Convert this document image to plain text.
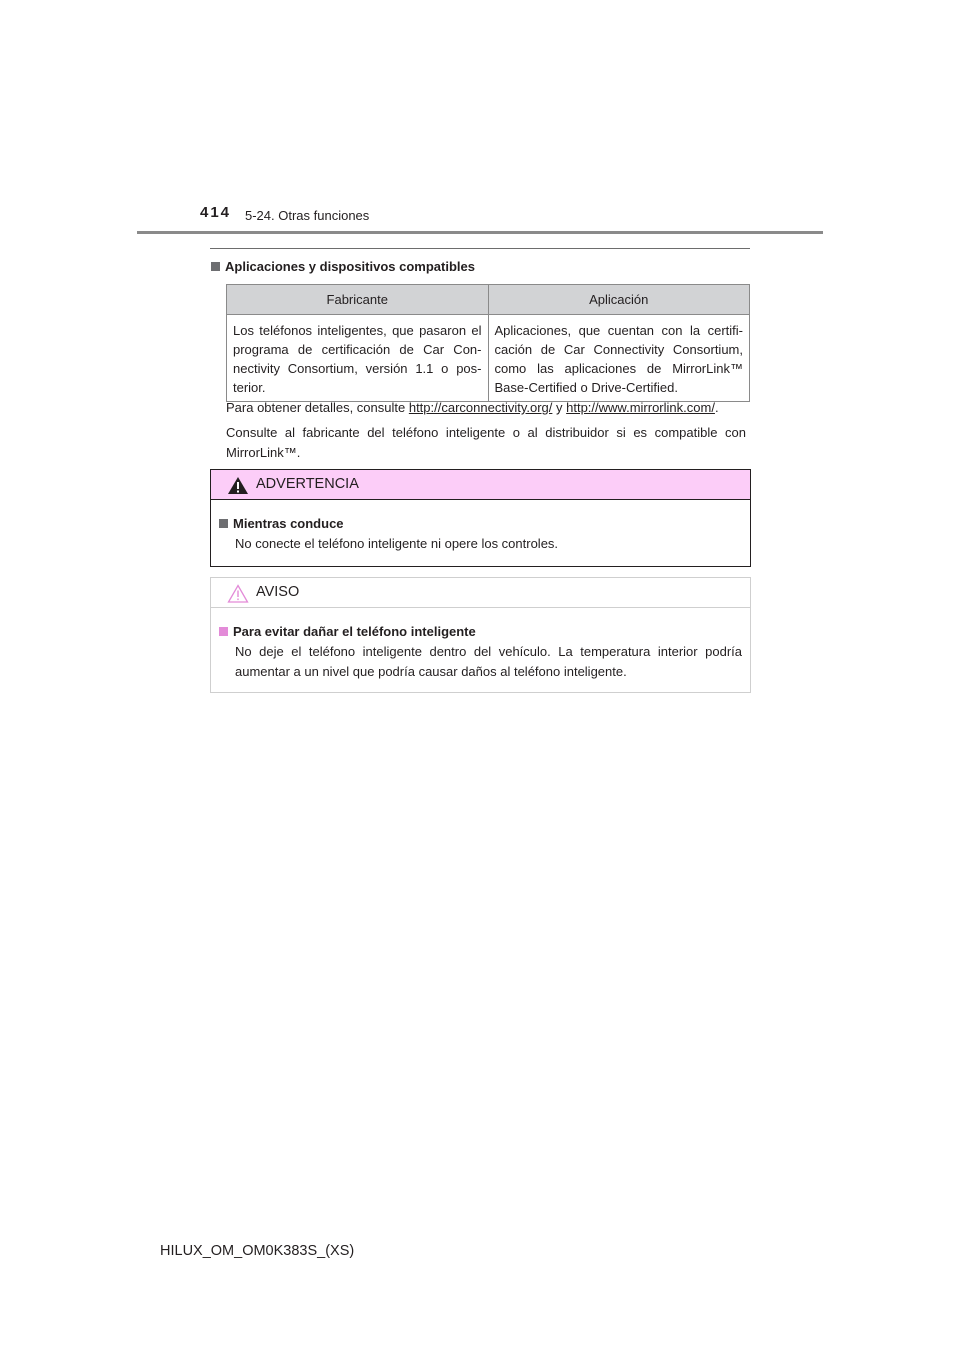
414 5-24. Otras funciones
Aplicaciones y dispositivos compatibles
Fabricante	Aplicación
Los teléfonos inteligentes, que pasaron el programa de certificación de Car Con-nectivity Consortium, versión 1.1 o pos-terior.	Aplicaciones, que cuentan con la certifi-cación de Car Connectivity Consortium, como las aplicaciones de MirrorLink™ Base-Certified o Drive-Certified.
Para obtener detalles, consulte http://carconnectivity.org/ y http://www.mirrorlink.com/.
Consulte al fabricante del teléfono inteligente o al distribuidor si es compatible con MirrorLink™.
ADVERTENCIA
Mientras conduce
No conecte el teléfono inteligente ni opere los controles.
AVISO
Para evitar dañar el teléfono inteligente
No deje el teléfono inteligente dentro del vehículo. La temperatura interior podría aumentar a un nivel que podría causar daños al teléfono inteligente.
HILUX_OM_OM0K383S_(XS)
